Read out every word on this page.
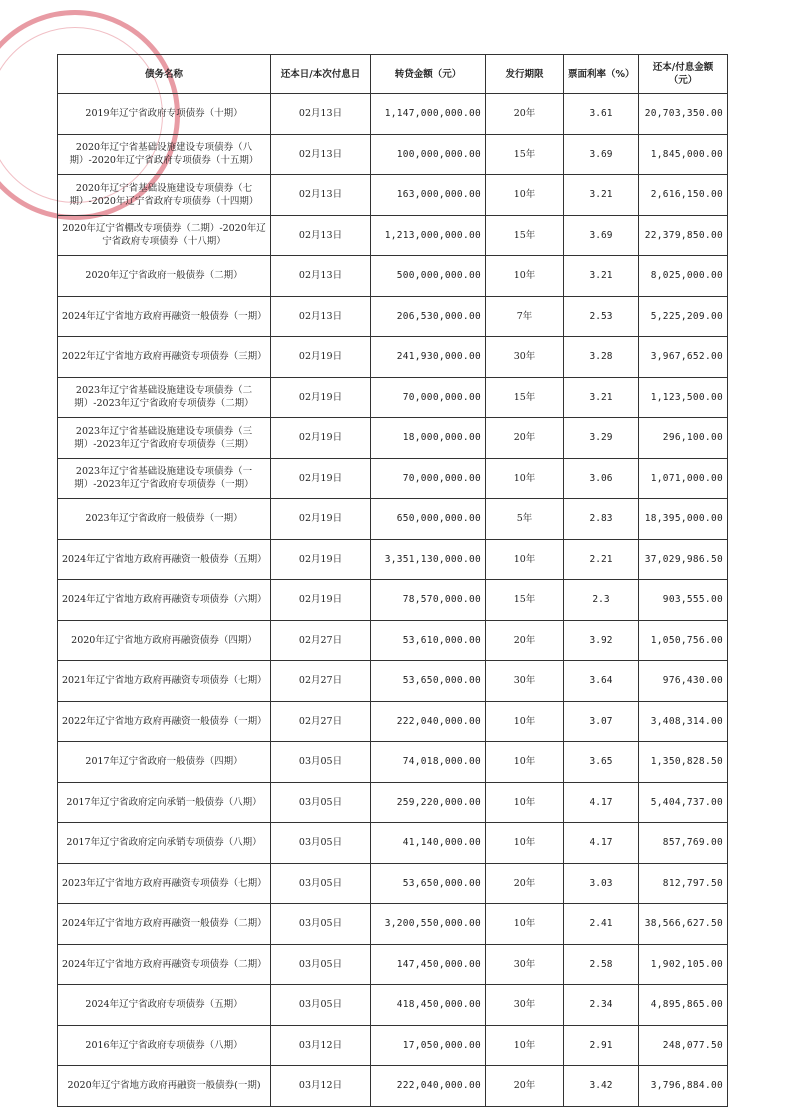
债务名称	还本日/本次付息日	转贷金额（元）	发行期限	票面利率（%）	还本/付息金额（元）
2019年辽宁省政府专项债券（十期）	02月13日	1,147,000,000.00	20年	3.61	20,703,350.00
2020年辽宁省基础设施建设专项债券（八期）-2020年辽宁省政府专项债券（十五期）	02月13日	100,000,000.00	15年	3.69	1,845,000.00
2020年辽宁省基础设施建设专项债券（七期）-2020年辽宁省政府专项债券（十四期）	02月13日	163,000,000.00	10年	3.21	2,616,150.00
2020年辽宁省棚改专项债券（二期）-2020年辽宁省政府专项债券（十八期）	02月13日	1,213,000,000.00	15年	3.69	22,379,850.00
2020年辽宁省政府一般债券（二期）	02月13日	500,000,000.00	10年	3.21	8,025,000.00
2024年辽宁省地方政府再融资一般债券（一期）	02月13日	206,530,000.00	7年	2.53	5,225,209.00
2022年辽宁省地方政府再融资专项债券（三期）	02月19日	241,930,000.00	30年	3.28	3,967,652.00
2023年辽宁省基础设施建设专项债券（二期）-2023年辽宁省政府专项债券（二期）	02月19日	70,000,000.00	15年	3.21	1,123,500.00
2023年辽宁省基础设施建设专项债券（三期）-2023年辽宁省政府专项债券（三期）	02月19日	18,000,000.00	20年	3.29	296,100.00
2023年辽宁省基础设施建设专项债券（一期）-2023年辽宁省政府专项债券（一期）	02月19日	70,000,000.00	10年	3.06	1,071,000.00
2023年辽宁省政府一般债券（一期）	02月19日	650,000,000.00	5年	2.83	18,395,000.00
2024年辽宁省地方政府再融资一般债券（五期）	02月19日	3,351,130,000.00	10年	2.21	37,029,986.50
2024年辽宁省地方政府再融资专项债券（六期）	02月19日	78,570,000.00	15年	2.3	903,555.00
2020年辽宁省地方政府再融资债券（四期）	02月27日	53,610,000.00	20年	3.92	1,050,756.00
2021年辽宁省地方政府再融资专项债券（七期）	02月27日	53,650,000.00	30年	3.64	976,430.00
2022年辽宁省地方政府再融资一般债券（一期）	02月27日	222,040,000.00	10年	3.07	3,408,314.00
2017年辽宁省政府一般债券（四期）	03月05日	74,018,000.00	10年	3.65	1,350,828.50
2017年辽宁省政府定向承销一般债券（八期）	03月05日	259,220,000.00	10年	4.17	5,404,737.00
2017年辽宁省政府定向承销专项债券（八期）	03月05日	41,140,000.00	10年	4.17	857,769.00
2023年辽宁省地方政府再融资专项债券（七期）	03月05日	53,650,000.00	20年	3.03	812,797.50
2024年辽宁省地方政府再融资一般债券（二期）	03月05日	3,200,550,000.00	10年	2.41	38,566,627.50
2024年辽宁省地方政府再融资专项债券（二期）	03月05日	147,450,000.00	30年	2.58	1,902,105.00
2024年辽宁省政府专项债券（五期）	03月05日	418,450,000.00	30年	2.34	4,895,865.00
2016年辽宁省政府专项债券（八期）	03月12日	17,050,000.00	10年	2.91	248,077.50
2020年辽宁省地方政府再融资一般债券(一期)	03月12日	222,040,000.00	20年	3.42	3,796,884.00
